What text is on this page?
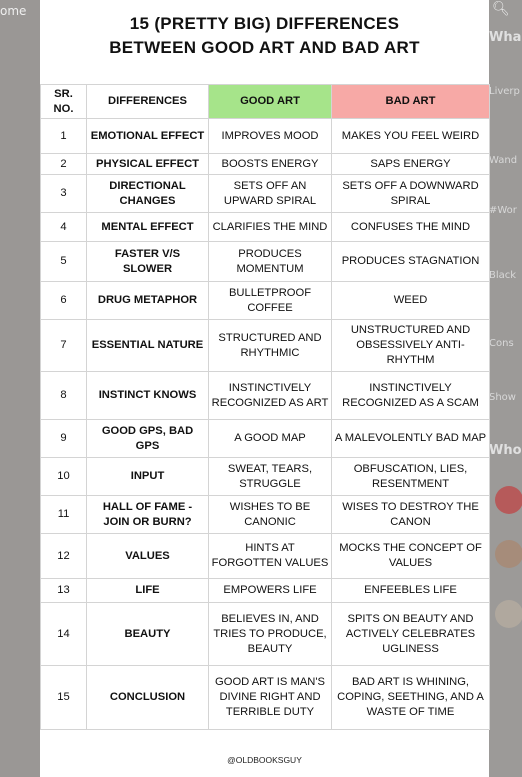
ome	🔍︎
Wha
Liverp
Wand
#Wor
Black
Cons
Show
Who
15 (PRETTY BIG) DIFFERENCES
BETWEEN GOOD ART AND BAD ART
SR. NO.	DIFFERENCES	GOOD ART	BAD ART
1	EMOTIONAL EFFECT	IMPROVES MOOD	MAKES YOU FEEL WEIRD
2	PHYSICAL EFFECT	BOOSTS ENERGY	SAPS ENERGY
3	DIRECTIONAL CHANGES	SETS OFF AN UPWARD SPIRAL	SETS OFF A DOWNWARD SPIRAL
4	MENTAL EFFECT	CLARIFIES THE MIND	CONFUSES THE MIND
5	FASTER V/S SLOWER	PRODUCES MOMENTUM	PRODUCES STAGNATION
6	DRUG METAPHOR	BULLETPROOF COFFEE	WEED
7	ESSENTIAL NATURE	STRUCTURED AND RHYTHMIC	UNSTRUCTURED AND OBSESSIVELY ANTI-RHYTHM
8	INSTINCT KNOWS	INSTINCTIVELY RECOGNIZED AS ART	INSTINCTIVELY RECOGNIZED AS A SCAM
9	GOOD GPS, BAD GPS	A GOOD MAP	A MALEVOLENTLY BAD MAP
10	INPUT	SWEAT, TEARS, STRUGGLE	OBFUSCATION, LIES, RESENTMENT
11	HALL OF FAME - JOIN OR BURN?	WISHES TO BE CANONIC	WISES TO DESTROY THE CANON
12	VALUES	HINTS AT FORGOTTEN VALUES	MOCKS THE CONCEPT OF VALUES
13	LIFE	EMPOWERS LIFE	ENFEEBLES LIFE
14	BEAUTY	BELIEVES IN, AND TRIES TO PRODUCE, BEAUTY	SPITS ON BEAUTY AND ACTIVELY CELEBRATES UGLINESS
15	CONCLUSION	GOOD ART IS MAN'S DIVINE RIGHT AND TERRIBLE DUTY	BAD ART IS WHINING, COPING, SEETHING, AND A WASTE OF TIME
@OLDBOOKSGUY
